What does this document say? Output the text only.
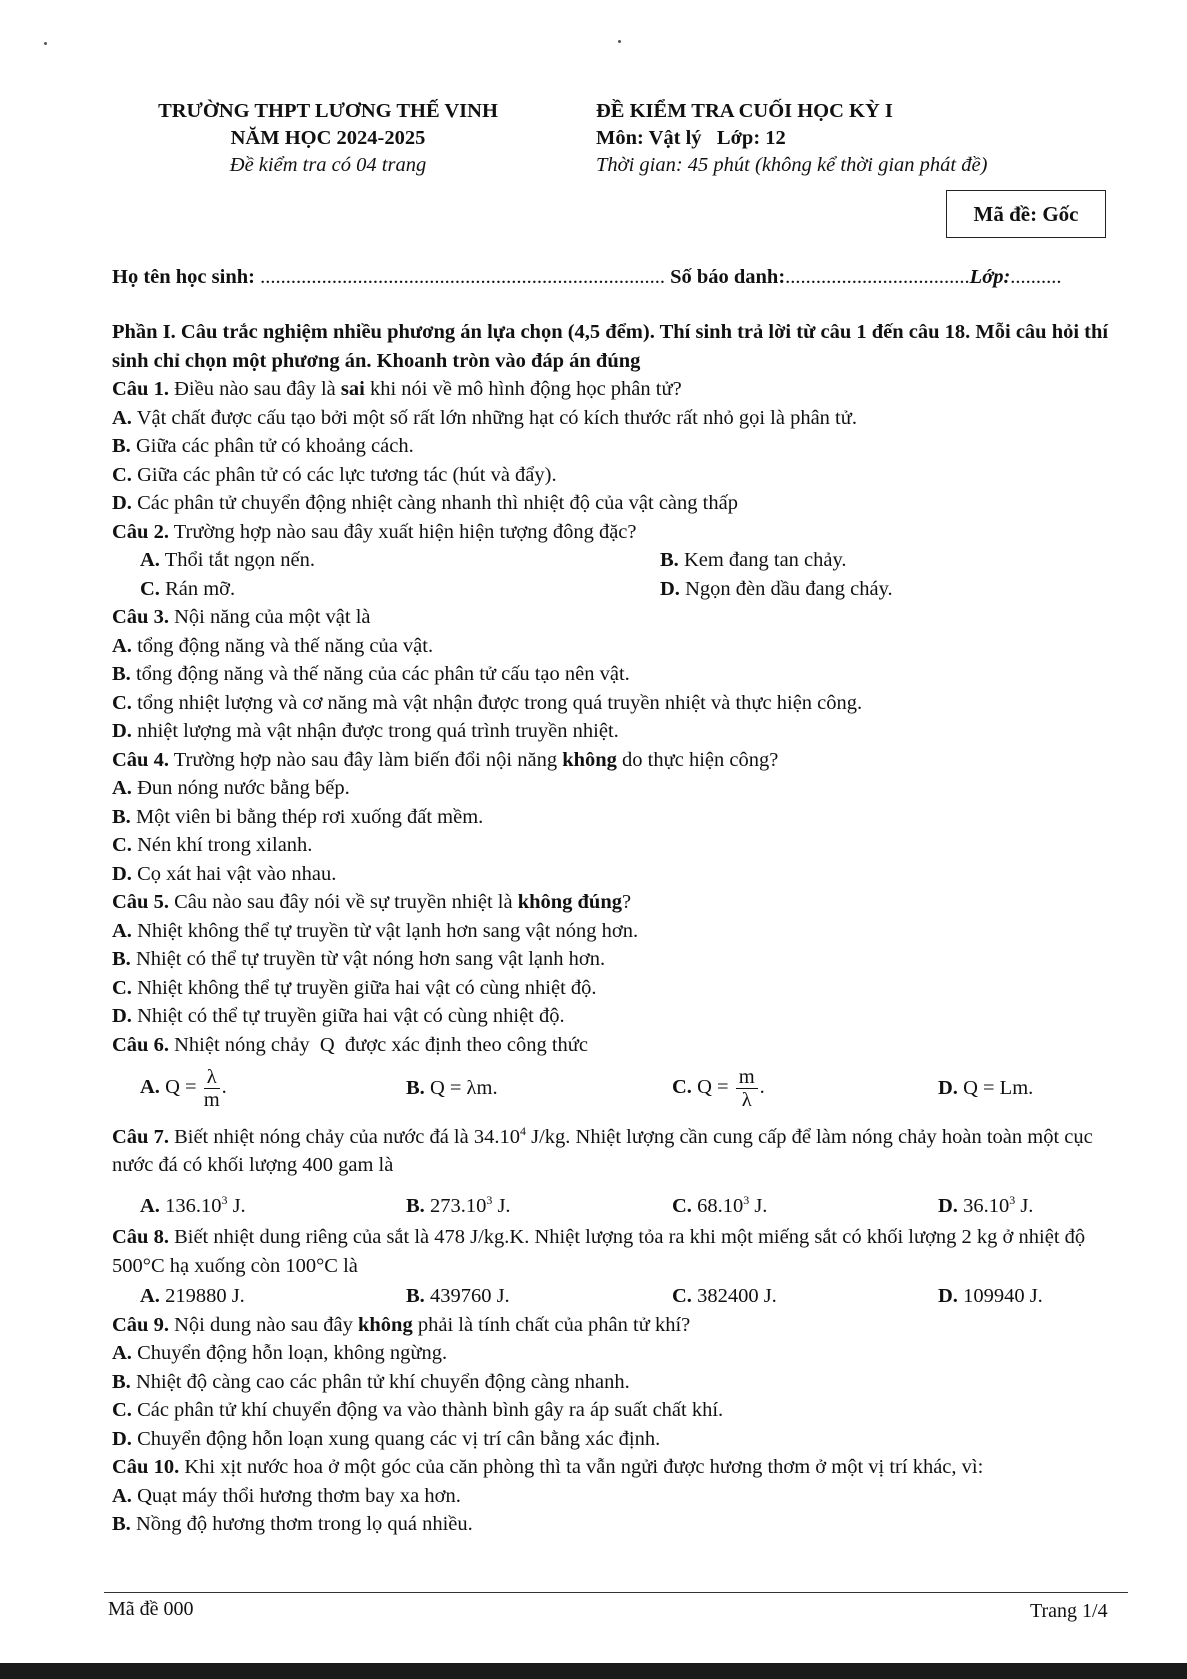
TRƯỜNG THPT LƯƠNG THẾ VINH
NĂM HỌC 2024-2025
Đề kiểm tra có 04 trang
ĐỀ KIỂM TRA CUỐI HỌC KỲ I
Môn: Vật lý   Lớp: 12
Thời gian: 45 phút (không kể thời gian phát đề)
Mã đề: Gốc
Họ tên học sinh: ............................................................................... Số báo danh:....................................Lớp:..........

Phần I. Câu trắc nghiệm nhiều phương án lựa chọn (4,5 đểm). Thí sinh trả lời từ câu 1 đến câu 18. Mỗi câu hỏi thí sinh chỉ chọn một phương án. Khoanh tròn vào đáp án đúng

Câu 1. Điều nào sau đây là sai khi nói về mô hình động học phân tử?

A. Vật chất được cấu tạo bởi một số rất lớn những hạt có kích thước rất nhỏ gọi là phân tử.

B. Giữa các phân tử có khoảng cách.

C. Giữa các phân tử có các lực tương tác (hút và đẩy).

D. Các phân tử chuyển động nhiệt càng nhanh thì nhiệt độ của vật càng thấp

Câu 2. Trường hợp nào sau đây xuất hiện hiện tượng đông đặc?

A. Thổi tắt ngọn nến.	B. Kem đang tan chảy.
C. Rán mỡ.	D. Ngọn đèn dầu đang cháy.

Câu 3. Nội năng của một vật là

A. tổng động năng và thế năng của vật.

B. tổng động năng và thế năng của các phân tử cấu tạo nên vật.

C. tổng nhiệt lượng và cơ năng mà vật nhận được trong quá truyền nhiệt và thực hiện công.

D. nhiệt lượng mà vật nhận được trong quá trình truyền nhiệt.

Câu 4. Trường hợp nào sau đây làm biến đổi nội năng không do thực hiện công?

A. Đun nóng nước bằng bếp.

B. Một viên bi bằng thép rơi xuống đất mềm.

C. Nén khí trong xilanh.

D. Cọ xát hai vật vào nhau.

Câu 5. Câu nào sau đây nói về sự truyền nhiệt là không đúng?

A. Nhiệt không thể tự truyền từ vật lạnh hơn sang vật nóng hơn.

B. Nhiệt có thể tự truyền từ vật nóng hơn sang vật lạnh hơn.

C. Nhiệt không thể tự truyền giữa hai vật có cùng nhiệt độ.

D. Nhiệt có thể tự truyền giữa hai vật có cùng nhiệt độ.

Câu 6. Nhiệt nóng chảy  Q  được xác định theo công thức

A. $Q = \frac{\lambda}{m}$ .	B. Q = λm.	C. $Q = \frac{m}{\lambda}$ .	D. Q = Lm.

Câu 7. Biết nhiệt nóng chảy của nước đá là 34.10$^4$ J/kg. Nhiệt lượng cần cung cấp để làm nóng chảy hoàn toàn một cục nước đá có khối lượng 400 gam là

A. 136.10$^3$ J.	B. 273.10$^3$ J.	C. 68.10$^3$ J.	D. 36.10$^3$ J.

Câu 8. Biết nhiệt dung riêng của sắt là 478 J/kg.K. Nhiệt lượng tỏa ra khi một miếng sắt có khối lượng 2 kg ở nhiệt độ 500°C hạ xuống còn 100°C là

A. 219880 J.	B. 439760 J.	C. 382400 J.	D. 109940 J.

Câu 9. Nội dung nào sau đây không phải là tính chất của phân tử khí?

A. Chuyển động hỗn loạn, không ngừng.

B. Nhiệt độ càng cao các phân tử khí chuyển động càng nhanh.

C. Các phân tử khí chuyển động va vào thành bình gây ra áp suất chất khí.

D. Chuyển động hỗn loạn xung quang các vị trí cân bằng xác định.

Câu 10. Khi xịt nước hoa ở một góc của căn phòng thì ta vẫn ngửi được hương thơm ở một vị trí khác, vì:

A. Quạt máy thổi hương thơm bay xa hơn.

B. Nồng độ hương thơm trong lọ quá nhiều.

Mã đề 000	Trang 1/4
